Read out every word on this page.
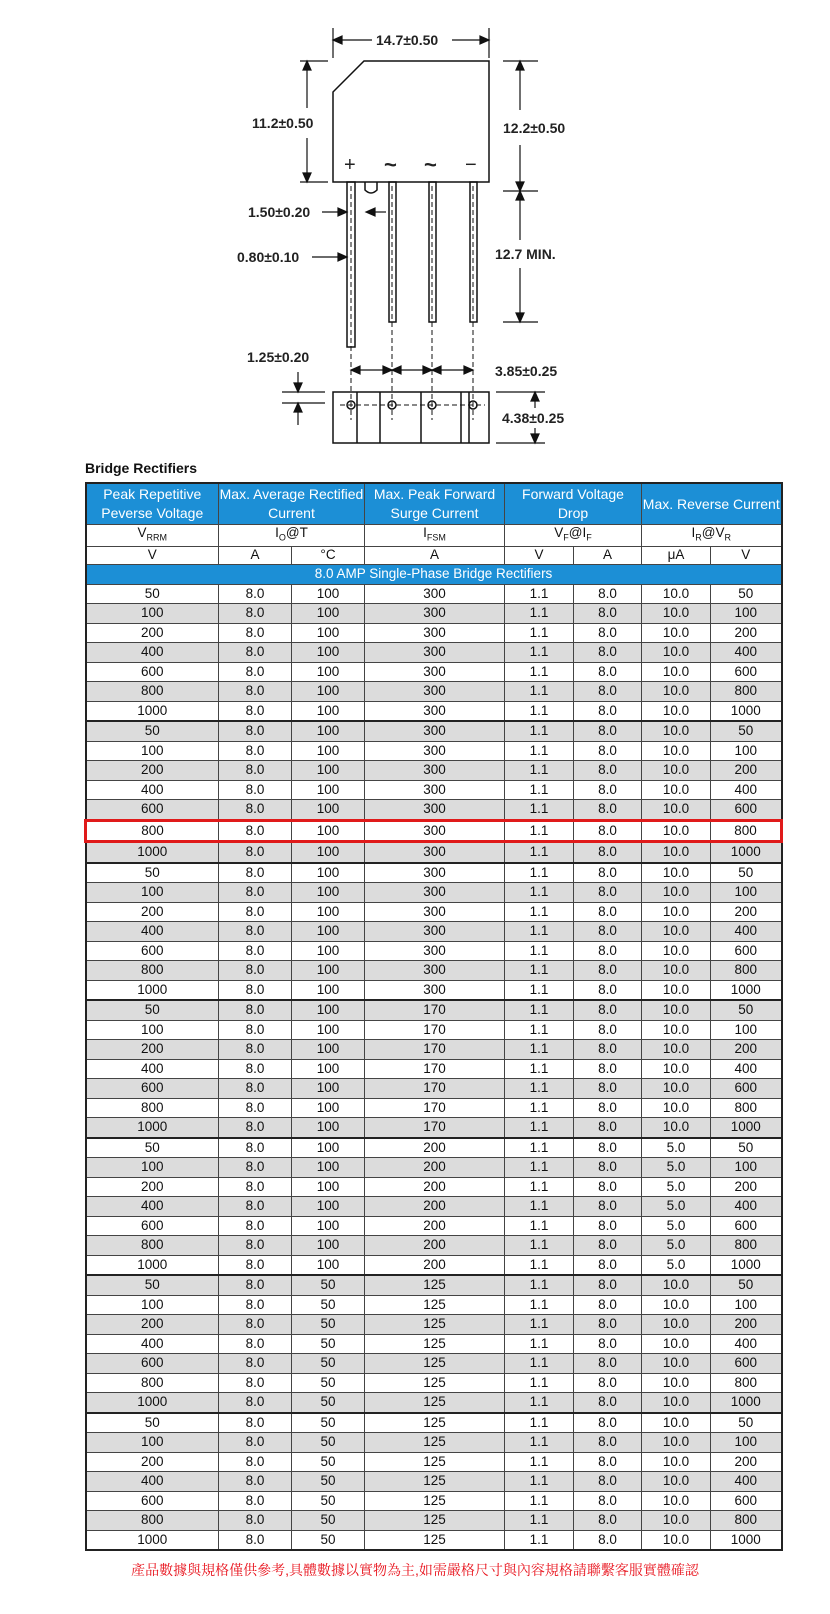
14.7±0.50
11.2±0.50	12.2±0.50
1.50±0.20
0.80±0.10	12.7 MIN.
1.25±0.20
3.85±0.25
4.38±0.25
+ ~ ~ −
Bridge Rectifiers
Peak Repetitive Peverse Voltage	Max. Average Rectified Current		Max. Peak Forward Surge Current	Forward Voltage Drop		Max. Reverse Current	
$V_{RRM}$	$I_O@T$		$I_{FSM}$	$V_F@I_F$		$I_R@V_R$
V	A	°C	A	V	A	μA	V
8.0 AMP Single-Phase Bridge Rectifiers							
50	8.0	100	300	1.1	8.0	10.0	50
100	8.0	100	300	1.1	8.0	10.0	100
200	8.0	100	300	1.1	8.0	10.0	200
400	8.0	100	300	1.1	8.0	10.0	400
600	8.0	100	300	1.1	8.0	10.0	600
800	8.0	100	300	1.1	8.0	10.0	800
1000	8.0	100	300	1.1	8.0	10.0	1000
50	8.0	100	300	1.1	8.0	10.0	50
100	8.0	100	300	1.1	8.0	10.0	100
200	8.0	100	300	1.1	8.0	10.0	200
400	8.0	100	300	1.1	8.0	10.0	400
600	8.0	100	300	1.1	8.0	10.0	600
800	8.0	100	300	1.1	8.0	10.0	800
1000	8.0	100	300	1.1	8.0	10.0	1000
50	8.0	100	300	1.1	8.0	10.0	50
100	8.0	100	300	1.1	8.0	10.0	100
200	8.0	100	300	1.1	8.0	10.0	200
400	8.0	100	300	1.1	8.0	10.0	400
600	8.0	100	300	1.1	8.0	10.0	600
800	8.0	100	300	1.1	8.0	10.0	800
1000	8.0	100	300	1.1	8.0	10.0	1000
50	8.0	100	170	1.1	8.0	10.0	50
100	8.0	100	170	1.1	8.0	10.0	100
200	8.0	100	170	1.1	8.0	10.0	200
400	8.0	100	170	1.1	8.0	10.0	400
600	8.0	100	170	1.1	8.0	10.0	600
800	8.0	100	170	1.1	8.0	10.0	800
1000	8.0	100	170	1.1	8.0	10.0	1000
50	8.0	100	200	1.1	8.0	5.0	50
100	8.0	100	200	1.1	8.0	5.0	100
200	8.0	100	200	1.1	8.0	5.0	200
400	8.0	100	200	1.1	8.0	5.0	400
600	8.0	100	200	1.1	8.0	5.0	600
800	8.0	100	200	1.1	8.0	5.0	800
1000	8.0	100	200	1.1	8.0	5.0	1000
50	8.0	50	125	1.1	8.0	10.0	50
100	8.0	50	125	1.1	8.0	10.0	100
200	8.0	50	125	1.1	8.0	10.0	200
400	8.0	50	125	1.1	8.0	10.0	400
600	8.0	50	125	1.1	8.0	10.0	600
800	8.0	50	125	1.1	8.0	10.0	800
1000	8.0	50	125	1.1	8.0	10.0	1000
50	8.0	50	125	1.1	8.0	10.0	50
100	8.0	50	125	1.1	8.0	10.0	100
200	8.0	50	125	1.1	8.0	10.0	200
400	8.0	50	125	1.1	8.0	10.0	400
600	8.0	50	125	1.1	8.0	10.0	600
800	8.0	50	125	1.1	8.0	10.0	800
1000	8.0	50	125	1.1	8.0	10.0	1000
產品數據與規格僅供參考,具體數據以實物為主,如需嚴格尺寸與內容規格請聯繫客服實體確認
